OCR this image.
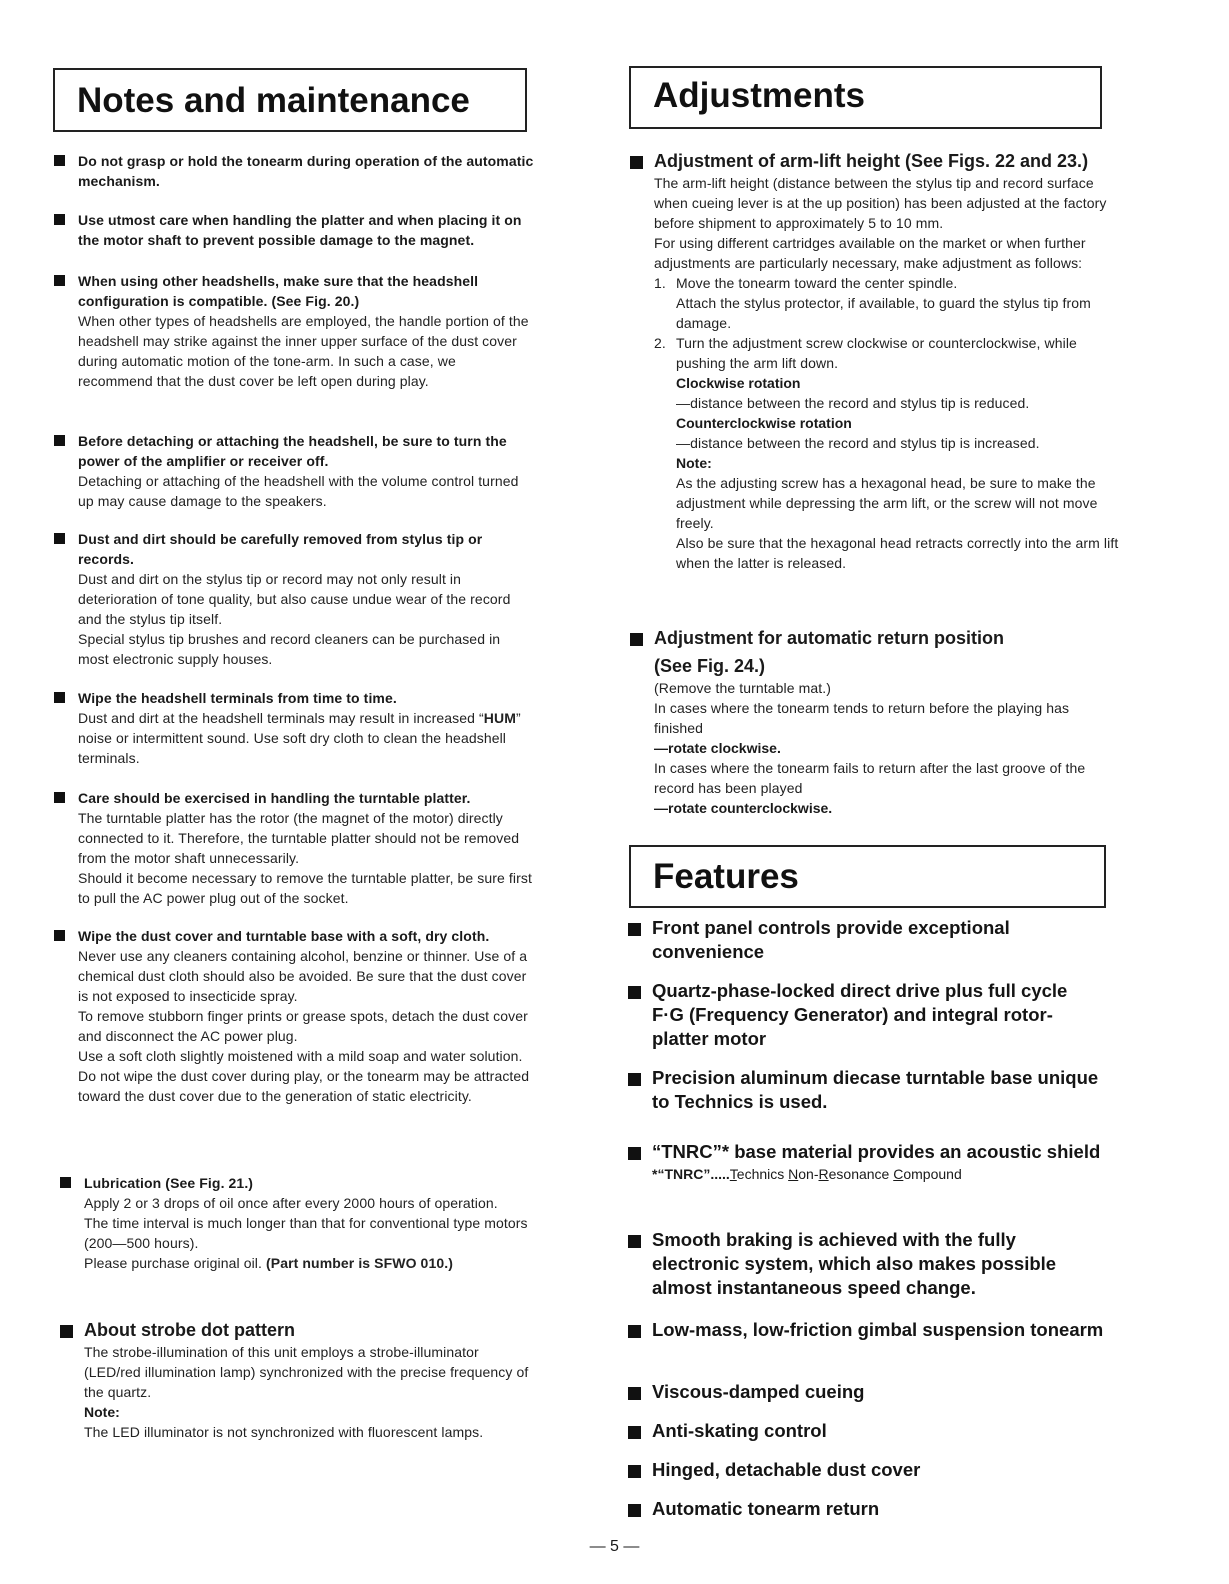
Notes and maintenance
Do not grasp or hold the tonearm during operation of the automatic mechanism.
Use utmost care when handling the platter and when placing it on the motor shaft to prevent possible damage to the magnet.
When using other headshells, make sure that the headshell configuration is compatible. (See Fig. 20.)
When other types of headshells are employed, the handle portion of the headshell may strike against the inner upper surface of the dust cover during automatic motion of the tone-arm. In such a case, we recommend that the dust cover be left open during play.
Before detaching or attaching the headshell, be sure to turn the power of the amplifier or receiver off.
Detaching or attaching of the headshell with the volume control turned up may cause damage to the speakers.
Dust and dirt should be carefully removed from stylus tip or records.
Dust and dirt on the stylus tip or record may not only result in deterioration of tone quality, but also cause undue wear of the record and the stylus tip itself.
Special stylus tip brushes and record cleaners can be purchased in most electronic supply houses.
Wipe the headshell terminals from time to time.
Dust and dirt at the headshell terminals may result in increased “HUM” noise or intermittent sound. Use soft dry cloth to clean the headshell terminals.
Care should be exercised in handling the turntable platter.
The turntable platter has the rotor (the magnet of the motor) directly connected to it. Therefore, the turntable platter should not be removed from the motor shaft unnecessarily.
Should it become necessary to remove the turntable platter, be sure first to pull the AC power plug out of the socket.
Wipe the dust cover and turntable base with a soft, dry cloth.
Never use any cleaners containing alcohol, benzine or thinner. Use of a chemical dust cloth should also be avoided. Be sure that the dust cover is not exposed to insecticide spray.
To remove stubborn finger prints or grease spots, detach the dust cover and disconnect the AC power plug.
Use a soft cloth slightly moistened with a mild soap and water solution.
Do not wipe the dust cover during play, or the tonearm may be attracted toward the dust cover due to the generation of static electricity.
Lubrication (See Fig. 21.)
Apply 2 or 3 drops of oil once after every 2000 hours of operation.
The time interval is much longer than that for conventional type motors (200—500 hours).
Please purchase original oil. (Part number is SFWO 010.)
About strobe dot pattern
The strobe-illumination of this unit employs a strobe-illuminator (LED/red illumination lamp) synchronized with the precise frequency of the quartz.
Note:
The LED illuminator is not synchronized with fluorescent lamps.
Adjustments
Adjustment of arm-lift height (See Figs. 22 and 23.)
The arm-lift height (distance between the stylus tip and record surface when cueing lever is at the up position) has been adjusted at the factory before shipment to approximately 5 to 10 mm.
For using different cartridges available on the market or when further adjustments are particularly necessary, make adjustment as follows:
1. Move the tonearm toward the center spindle.
Attach the stylus protector, if available, to guard the stylus tip from damage.
2. Turn the adjustment screw clockwise or counterclockwise, while pushing the arm lift down.
Clockwise rotation
—distance between the record and stylus tip is reduced.
Counterclockwise rotation
—distance between the record and stylus tip is increased.
Note:
As the adjusting screw has a hexagonal head, be sure to make the adjustment while depressing the arm lift, or the screw will not move freely.
Also be sure that the hexagonal head retracts correctly into the arm lift when the latter is released.
Adjustment for automatic return position
(See Fig. 24.)
(Remove the turntable mat.)
In cases where the tonearm tends to return before the playing has finished
—rotate clockwise.
In cases where the tonearm fails to return after the last groove of the record has been played
—rotate counterclockwise.
Features
Front panel controls provide exceptional convenience
Quartz-phase-locked direct drive plus full cycle F·G (Frequency Generator) and integral rotor-platter motor
Precision aluminum diecase turntable base unique to Technics is used.
“TNRC”* base material provides an acoustic shield
*“TNRC”.....Technics Non-Resonance Compound
Smooth braking is achieved with the fully electronic system, which also makes possible almost instantaneous speed change.
Low-mass, low-friction gimbal suspension tonearm
Viscous-damped cueing
Anti-skating control
Hinged, detachable dust cover
Automatic tonearm return
— 5 —
